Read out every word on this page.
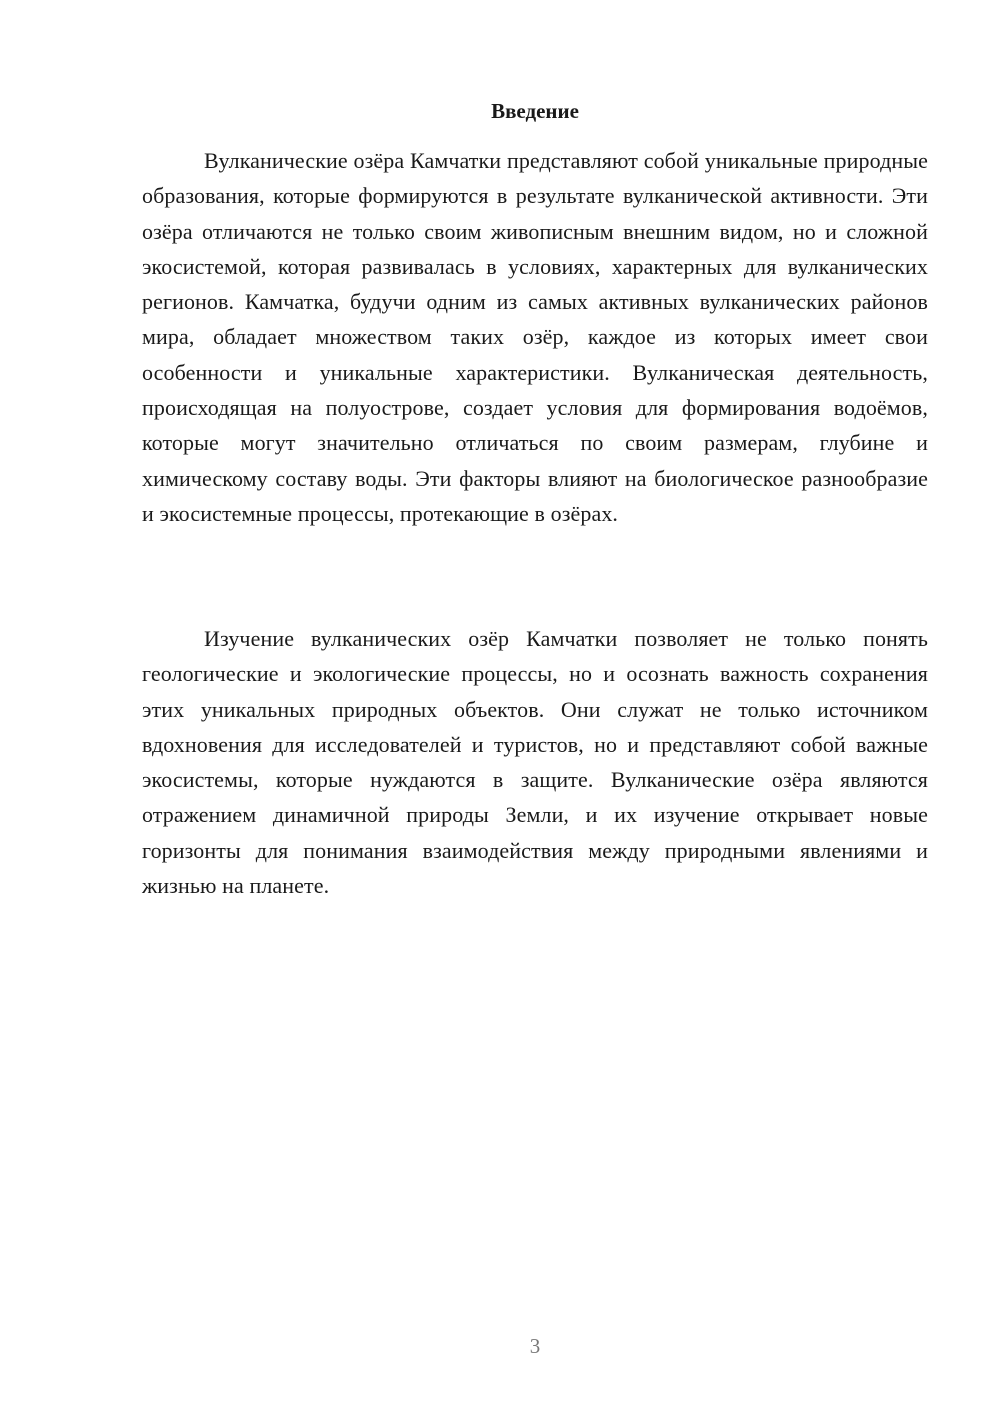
Введение

Вулканические озёра Камчатки представляют собой уникальные природные образования, которые формируются в результате вулканической активности. Эти озёра отличаются не только своим живописным внешним видом, но и сложной экосистемой, которая развивалась в условиях, характерных для вулканических регионов. Камчатка, будучи одним из самых активных вулканических районов мира, обладает множеством таких озёр, каждое из которых имеет свои особенности и уникальные характеристики. Вулканическая деятельность, происходящая на полуострове, создает условия для формирования водоёмов, которые могут значительно отличаться по своим размерам, глубине и химическому составу воды. Эти факторы влияют на биологическое разнообразие и экосистемные процессы, протекающие в озёрах.

Изучение вулканических озёр Камчатки позволяет не только понять геологические и экологические процессы, но и осознать важность сохранения этих уникальных природных объектов. Они служат не только источником вдохновения для исследователей и туристов, но и представляют собой важные экосистемы, которые нуждаются в защите. Вулканические озёра являются отражением динамичной природы Земли, и их изучение открывает новые горизонты для понимания взаимодействия между природными явлениями и жизнью на планете.

3
